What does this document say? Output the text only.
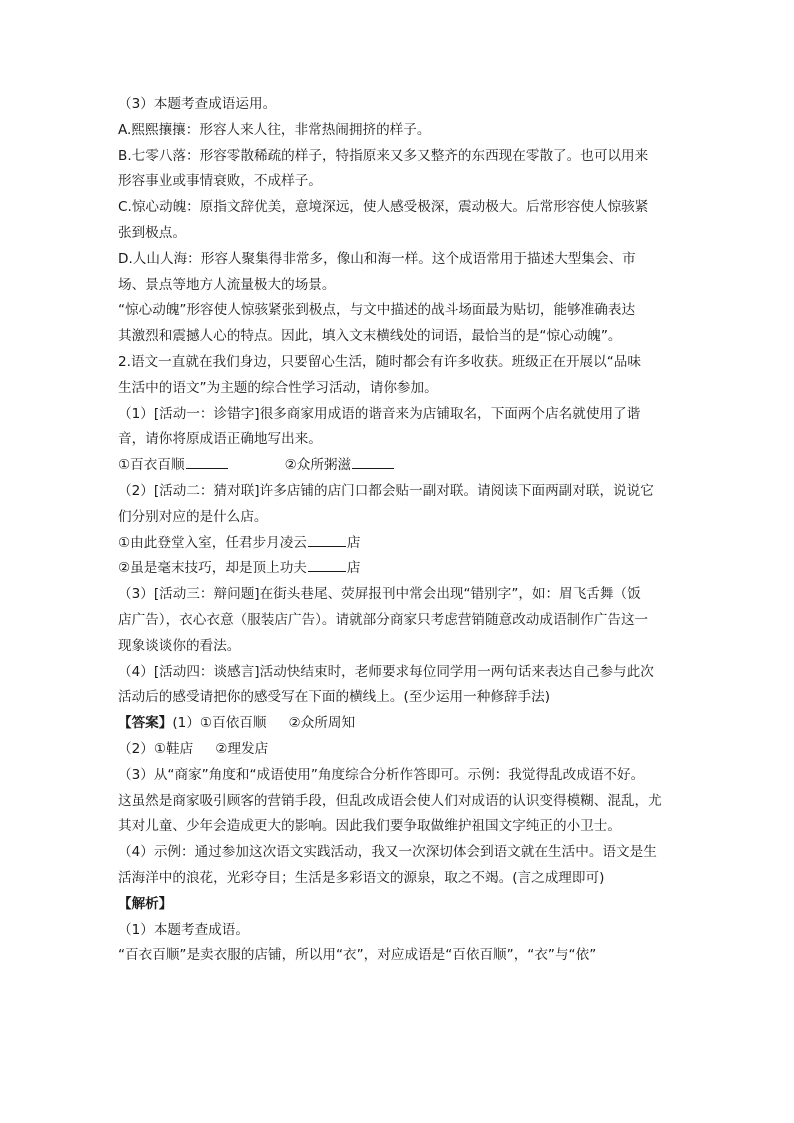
（3）本题考查成语运用。
A.熙熙攘攘：形容人来人往，非常热闹拥挤的样子。
B.七零八落：形容零散稀疏的样子，特指原来又多又整齐的东西现在零散了。也可以用来
形容事业或事情衰败，不成样子。
C.惊心动魄：原指文辞优美，意境深远，使人感受极深，震动极大。后常形容使人惊骇紧
张到极点。
D.人山人海：形容人聚集得非常多，像山和海一样。这个成语常用于描述大型集会、市
场、景点等地方人流量极大的场景。
“惊心动魄”形容使人惊骇紧张到极点，与文中描述的战斗场面最为贴切，能够准确表达
其激烈和震撼人心的特点。因此，填入文末横线处的词语，最恰当的是“惊心动魄”。
2.语文一直就在我们身边，只要留心生活，随时都会有许多收获。班级正在开展以“品味
生活中的语文”为主题的综合性学习活动，请你参加。
（1）[活动一：诊错字]很多商家用成语的谐音来为店铺取名，下面两个店名就使用了谐
音，请你将原成语正确地写出来。
①百衣百顺	②众所粥滋
（2）[活动二：猜对联]许多店铺的店门口都会贴一副对联。请阅读下面两副对联，说说它
们分别对应的是什么店。
①由此登堂入室，任君步月凌云	店
②虽是毫末技巧，却是顶上功夫	店
（3）[活动三：辩问题]在街头巷尾、荧屏报刊中常会出现“错别字”，如：眉飞舌舞（饭
店广告），衣心衣意（服装店广告）。请就部分商家只考虑营销随意改动成语制作广告这一
现象谈谈你的看法。
（4）[活动四：谈感言]活动快结束时，老师要求每位同学用一两句话来表达自己参与此次
活动后的感受请把你的感受写在下面的横线上。(至少运用一种修辞手法)
【答案】(1）①百依百顺 ②众所周知
（2）①鞋店 ②理发店
（3）从“商家”角度和“成语使用”角度综合分析作答即可。示例：我觉得乱改成语不好。
这虽然是商家吸引顾客的营销手段，但乱改成语会使人们对成语的认识变得模糊、混乱，尤
其对儿童、少年会造成更大的影响。因此我们要争取做维护祖国文字纯正的小卫士。
（4）示例：通过参加这次语文实践活动，我又一次深切体会到语文就在生活中。语文是生
活海洋中的浪花，光彩夺目；生活是多彩语文的源泉，取之不竭。(言之成理即可)
【解析】
（1）本题考查成语。
“百衣百顺”是卖衣服的店铺，所以用“衣”，对应成语是“百依百顺”，“衣”与“依”
